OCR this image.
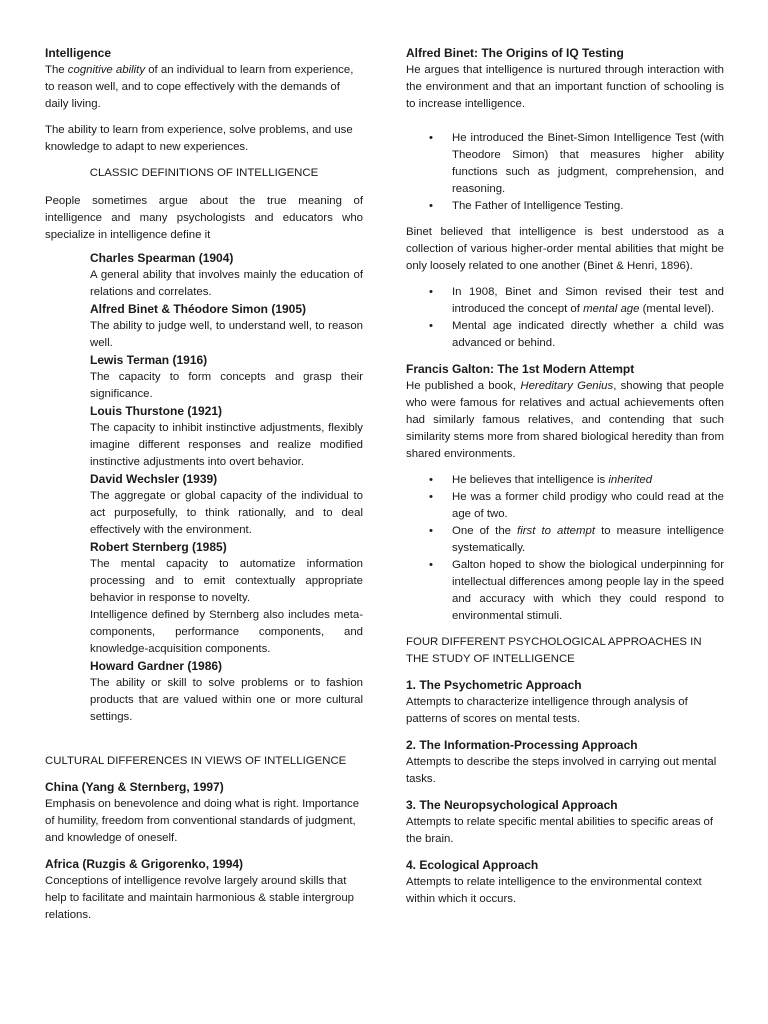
Intelligence

The cognitive ability of an individual to learn from experience, to reason well, and to cope effectively with the demands of daily living.

The ability to learn from experience, solve problems, and use knowledge to adapt to new experiences.

CLASSIC DEFINITIONS OF INTELLIGENCE

People sometimes argue about the true meaning of intelligence and many psychologists and educators who specialize in intelligence define it

Charles Spearman (1904)

A general ability that involves mainly the education of relations and correlates.

Alfred Binet & Théodore Simon (1905)

The ability to judge well, to understand well, to reason well.

Lewis Terman (1916)

The capacity to form concepts and grasp their significance.

Louis Thurstone (1921)

The capacity to inhibit instinctive adjustments, flexibly imagine different responses and realize modified instinctive adjustments into overt behavior.

David Wechsler (1939)

The aggregate or global capacity of the individual to act purposefully, to think rationally, and to deal effectively with the environment.

Robert Sternberg (1985)

The mental capacity to automatize information processing and to emit contextually appropriate behavior in response to novelty.

Intelligence defined by Sternberg also includes meta-components, performance components, and knowledge-acquisition components.

Howard Gardner (1986)

The ability or skill to solve problems or to fashion products that are valued within one or more cultural settings.

CULTURAL DIFFERENCES IN VIEWS OF INTELLIGENCE

China (Yang & Sternberg, 1997)

Emphasis on benevolence and doing what is right. Importance of humility, freedom from conventional standards of judgment, and knowledge of oneself.

Africa (Ruzgis & Grigorenko, 1994)

Conceptions of intelligence revolve largely around skills that help to facilitate and maintain harmonious & stable intergroup relations.

Alfred Binet: The Origins of IQ Testing

He argues that intelligence is nurtured through interaction with the environment and that an important function of schooling is to increase intelligence.

• He introduced the Binet-Simon Intelligence Test (with Theodore Simon) that measures higher ability functions such as judgment, comprehension, and reasoning.
• The Father of Intelligence Testing.

Binet believed that intelligence is best understood as a collection of various higher-order mental abilities that might be only loosely related to one another (Binet & Henri, 1896).

• In 1908, Binet and Simon revised their test and introduced the concept of mental age (mental level).
• Mental age indicated directly whether a child was advanced or behind.

Francis Galton: The 1st Modern Attempt

He published a book, Hereditary Genius, showing that people who were famous for relatives and actual achievements often had similarly famous relatives, and contending that such similarity stems more from shared biological heredity than from shared environments.

• He believes that intelligence is inherited
• He was a former child prodigy who could read at the age of two.
• One of the first to attempt to measure intelligence systematically.
• Galton hoped to show the biological underpinning for intellectual differences among people lay in the speed and accuracy with which they could respond to environmental stimuli.

FOUR DIFFERENT PSYCHOLOGICAL APPROACHES IN THE STUDY OF INTELLIGENCE

1. The Psychometric Approach

Attempts to characterize intelligence through analysis of patterns of scores on mental tests.

2. The Information-Processing Approach

Attempts to describe the steps involved in carrying out mental tasks.

3. The Neuropsychological Approach

Attempts to relate specific mental abilities to specific areas of the brain.

4. Ecological Approach

Attempts to relate intelligence to the environmental context within which it occurs.
